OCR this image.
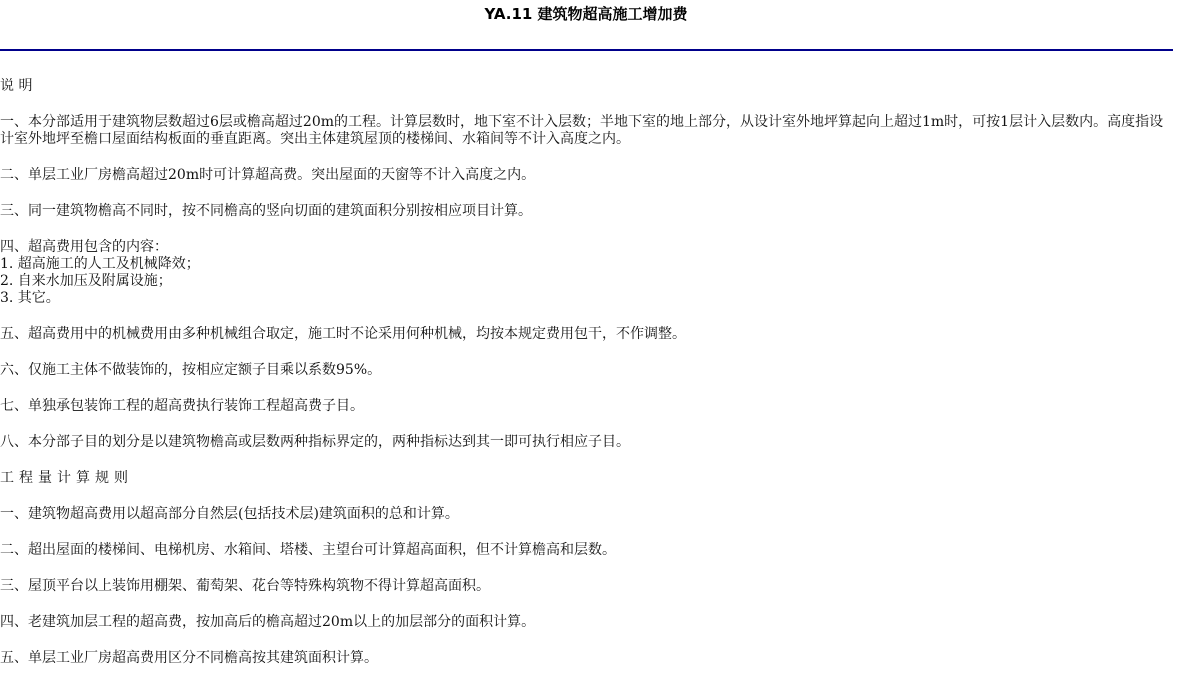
YA.11 建筑物超高施工增加费

说 明

一、本分部适用于建筑物层数超过6层或檐高超过20m的工程。计算层数时，地下室不计入层数；半地下室的地上部分，从设计室外地坪算起向上超过1m时，可按1层计入层数内。高度指设计室外地坪至檐口屋面结构板面的垂直距离。突出主体建筑屋顶的楼梯间、水箱间等不计入高度之内。

二、单层工业厂房檐高超过20m时可计算超高费。突出屋面的天窗等不计入高度之内。

三、同一建筑物檐高不同时，按不同檐高的竖向切面的建筑面积分别按相应项目计算。

四、超高费用包含的内容：

1. 超高施工的人工及机械降效；

2. 自来水加压及附属设施；

3. 其它。

五、超高费用中的机械费用由多种机械组合取定，施工时不论采用何种机械，均按本规定费用包干，不作调整。

六、仅施工主体不做装饰的，按相应定额子目乘以系数95%。

七、单独承包装饰工程的超高费执行装饰工程超高费子目。

八、本分部子目的划分是以建筑物檐高或层数两种指标界定的，两种指标达到其一即可执行相应子目。

工程量计算规则

一、建筑物超高费用以超高部分自然层(包括技术层)建筑面积的总和计算。

二、超出屋面的楼梯间、电梯机房、水箱间、塔楼、主望台可计算超高面积，但不计算檐高和层数。

三、屋顶平台以上装饰用棚架、葡萄架、花台等特殊构筑物不得计算超高面积。

四、老建筑加层工程的超高费，按加高后的檐高超过20m以上的加层部分的面积计算。

五、单层工业厂房超高费用区分不同檐高按其建筑面积计算。
